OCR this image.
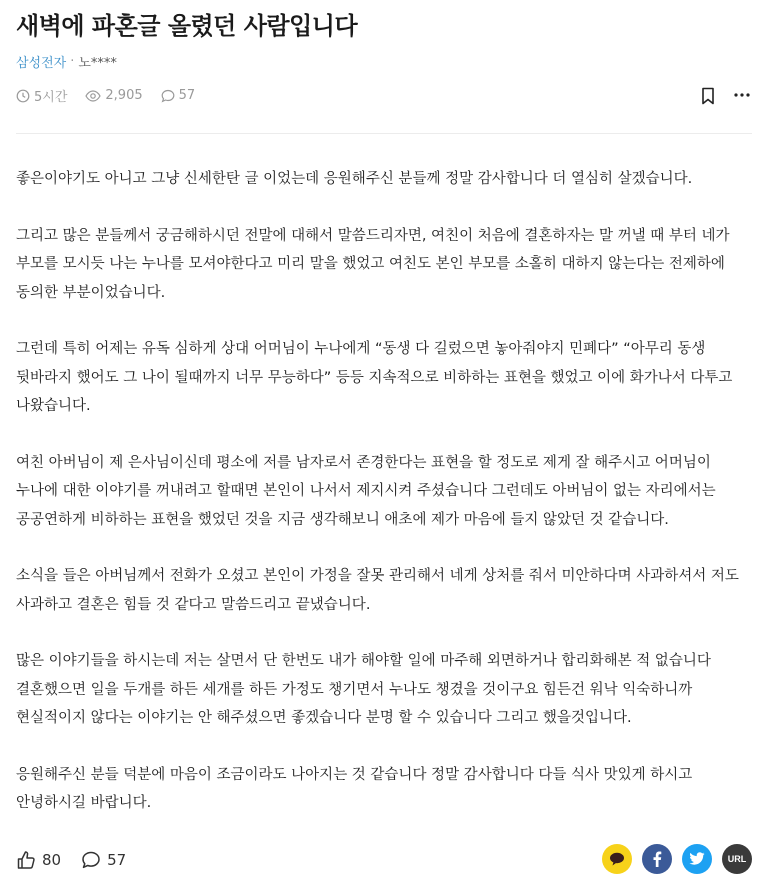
새벽에 파혼글 올렸던 사람입니다
삼성전자 · 노****
5시간	2,905	57

좋은이야기도 아니고 그냥 신세한탄 글 이었는데 응원해주신 분들께 정말 감사합니다 더 열심히 살겠습니다.

그리고 많은 분들께서 궁금해하시던 전말에 대해서 말씀드리자면, 여친이 처음에 결혼하자는 말 꺼낼 때 부터 네가 부모를 모시듯 나는 누나를 모셔야한다고 미리 말을 했었고 여친도 본인 부모를 소홀히 대하지 않는다는 전제하에 동의한 부분이었습니다.

그런데 특히 어제는 유독 심하게 상대 어머님이 누나에게 “동생 다 길렀으면 놓아줘야지 민폐다” “아무리 동생 뒷바라지 했어도 그 나이 될때까지 너무 무능하다” 등등 지속적으로 비하하는 표현을 했었고 이에 화가나서 다투고 나왔습니다.

여친 아버님이 제 은사님이신데 평소에 저를 남자로서 존경한다는 표현을 할 정도로 제게 잘 해주시고 어머님이 누나에 대한 이야기를 꺼내려고 할때면 본인이 나서서 제지시켜 주셨습니다 그런데도 아버님이 없는 자리에서는 공공연하게 비하하는 표현을 했었던 것을 지금 생각해보니 애초에 제가 마음에 들지 않았던 것 같습니다.

소식을 들은 아버님께서 전화가 오셨고 본인이 가정을 잘못 관리해서 네게 상처를 줘서 미안하다며 사과하셔서 저도 사과하고 결혼은 힘들 것 같다고 말씀드리고 끝냈습니다.

많은 이야기들을 하시는데 저는 살면서 단 한번도 내가 해야할 일에 마주해 외면하거나 합리화해본 적 없습니다 결혼했으면 일을 두개를 하든 세개를 하든 가정도 챙기면서 누나도 챙겼을 것이구요 힘든건 워낙 익숙하니까 현실적이지 않다는 이야기는 안 해주셨으면 좋겠습니다 분명 할 수 있습니다 그리고 했을것입니다.

응원해주신 분들 덕분에 마음이 조금이라도 나아지는 것 같습니다 정말 감사합니다 다들 식사 맛있게 하시고 안녕하시길 바랍니다.

80	57	URL
